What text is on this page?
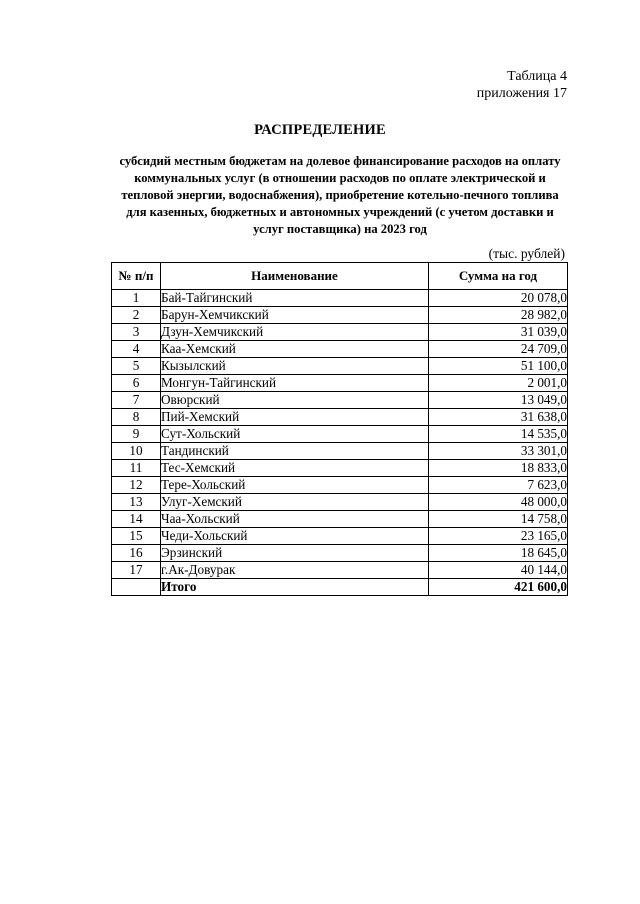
Таблица 4
приложения 17
РАСПРЕДЕЛЕНИЕ
субсидий местным бюджетам на долевое финансирование расходов на оплату
коммунальных услуг (в отношении расходов по оплате электрической и
тепловой энергии, водоснабжения), приобретение котельно-печного топлива
для казенных, бюджетных и автономных учреждений (с учетом доставки и
услуг поставщика) на 2023 год
(тыс. рублей)
№ п/п	Наименование	Сумма на год
1	Бай-Тайгинский	20 078,0
2	Барун-Хемчикский	28 982,0
3	Дзун-Хемчикский	31 039,0
4	Каа-Хемский	24 709,0
5	Кызылский	51 100,0
6	Монгун-Тайгинский	2 001,0
7	Овюрский	13 049,0
8	Пий-Хемский	31 638,0
9	Сут-Хольский	14 535,0
10	Тандинский	33 301,0
11	Тес-Хемский	18 833,0
12	Тере-Хольский	7 623,0
13	Улуг-Хемский	48 000,0
14	Чаа-Хольский	14 758,0
15	Чеди-Хольский	23 165,0
16	Эрзинский	18 645,0
17	г.Ак-Довурак	40 144,0
	Итого	421 600,0
